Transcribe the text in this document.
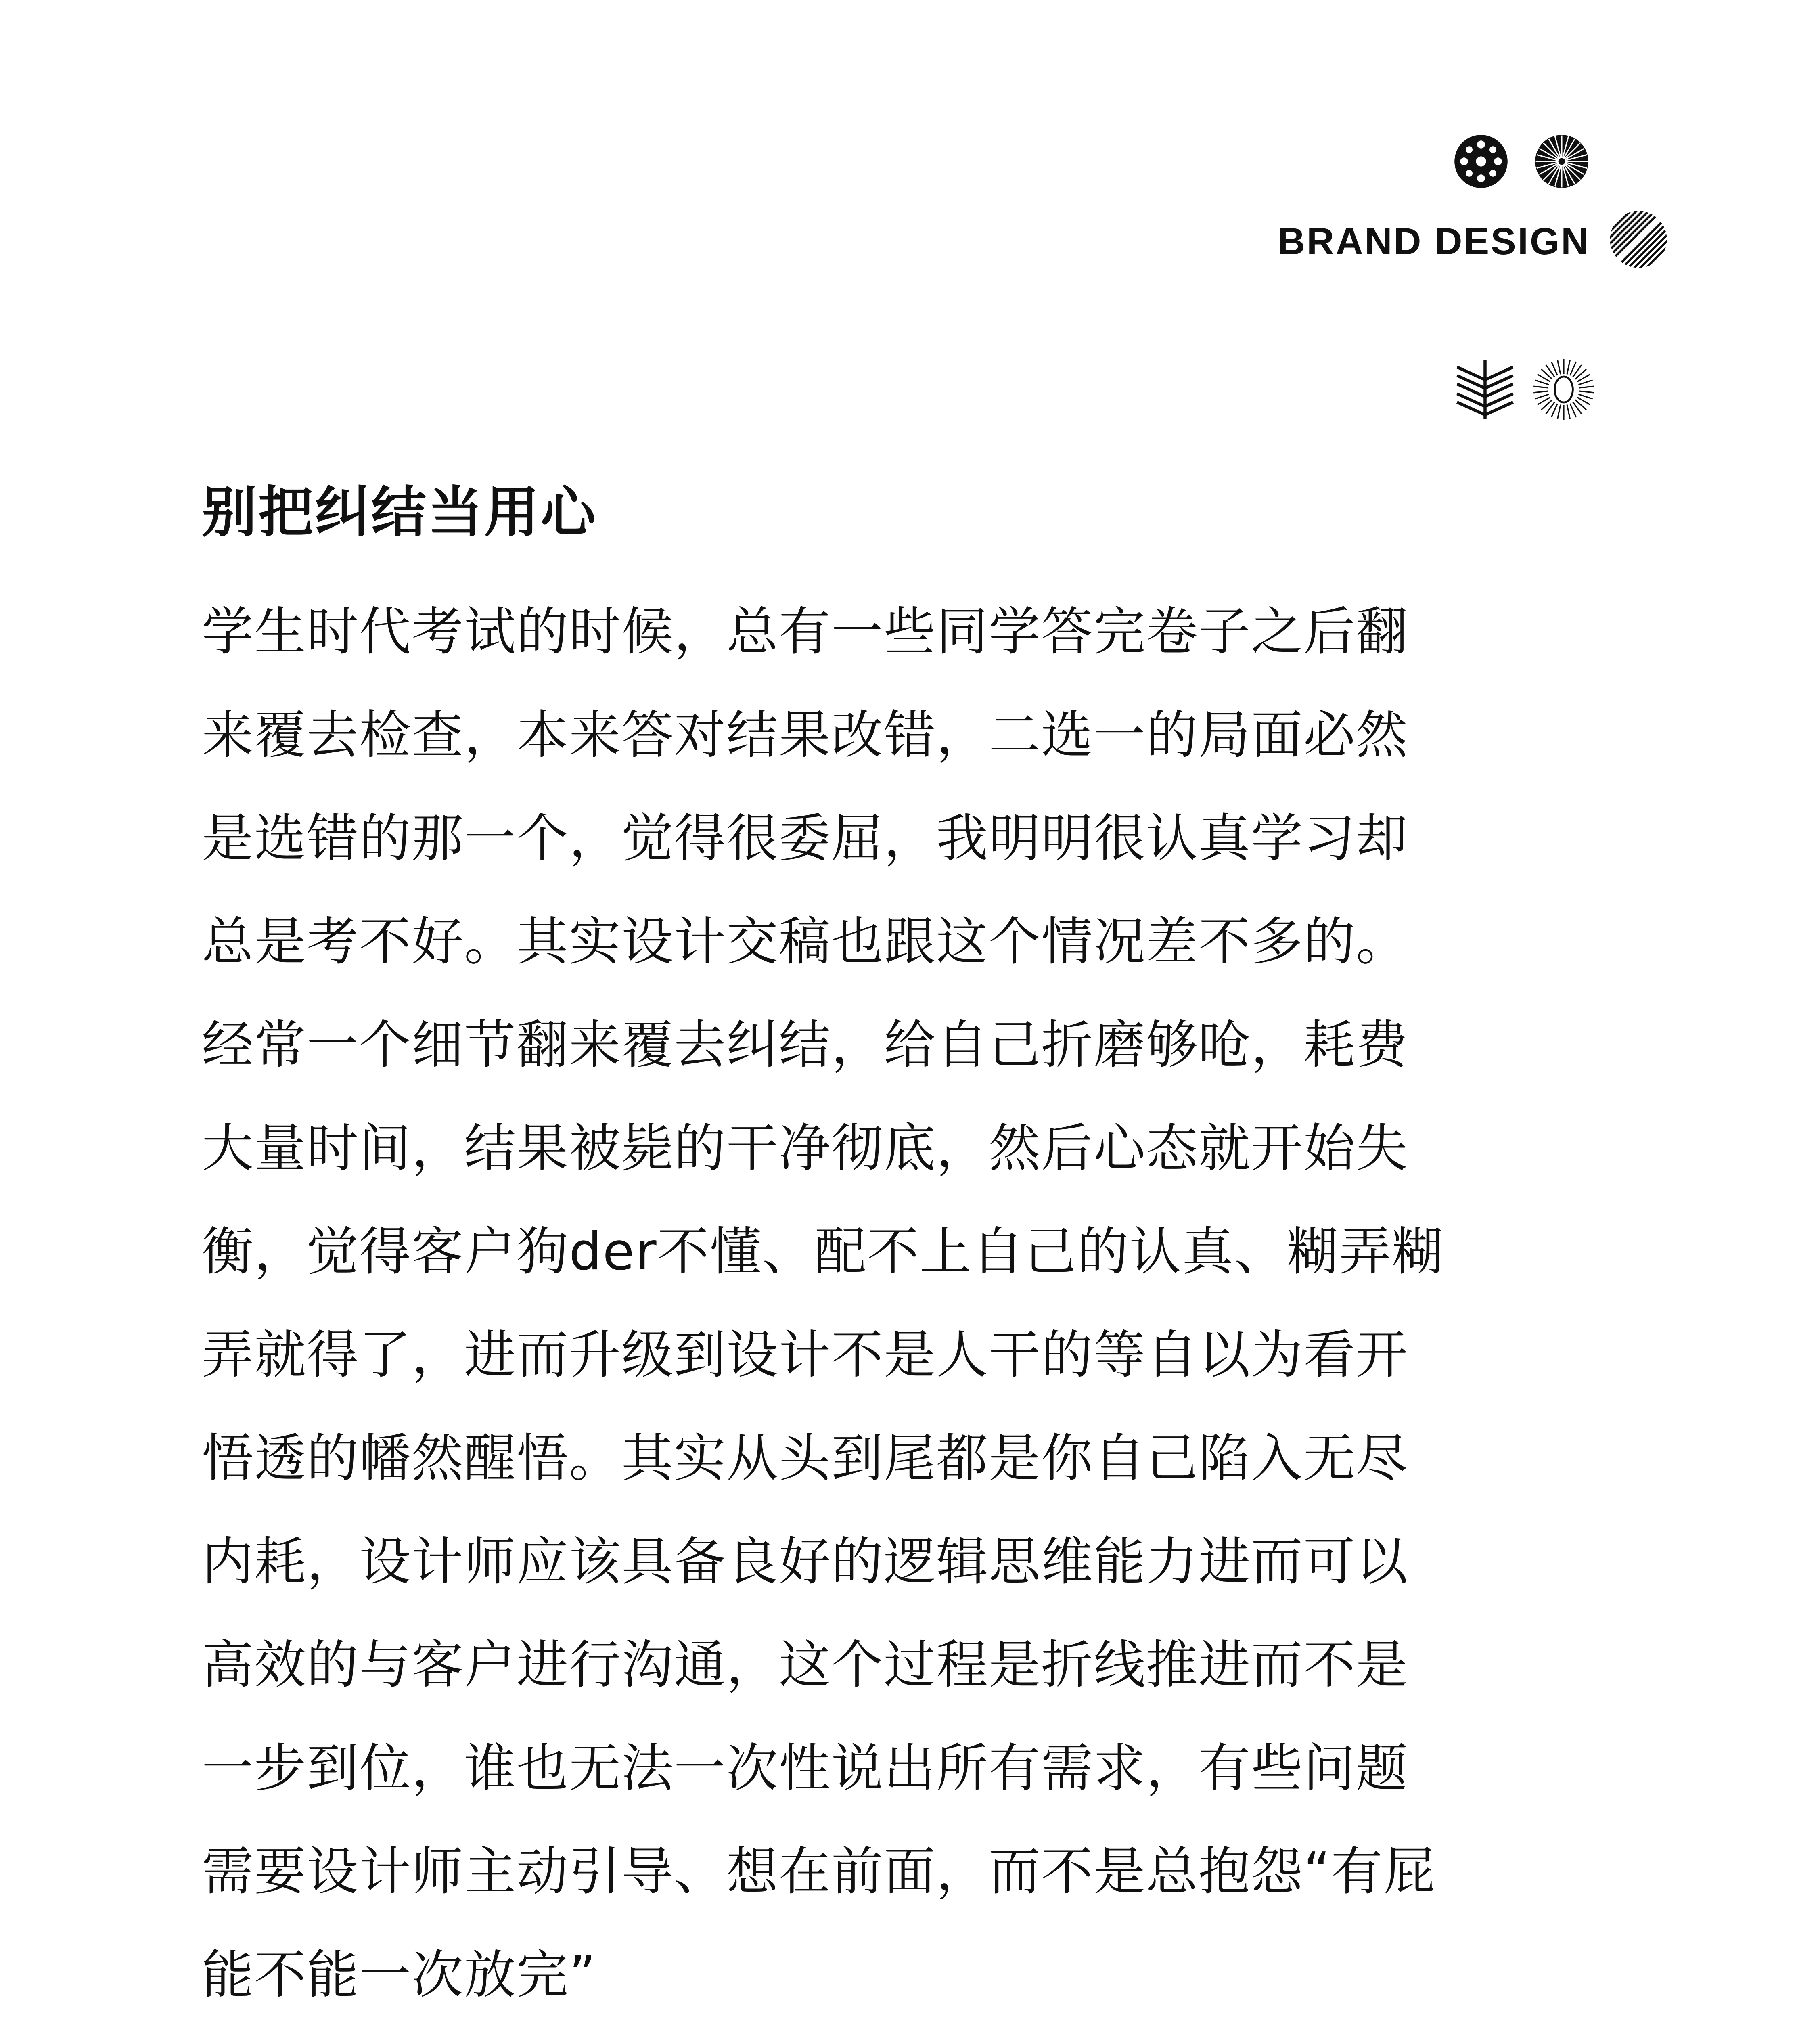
BRAND DESIGN
别把纠结当用心
学生时代考试的时候，总有一些同学答完卷子之后翻
来覆去检查，本来答对结果改错，二选一的局面必然
是选错的那一个，觉得很委屈，我明明很认真学习却
总是考不好。其实设计交稿也跟这个情况差不多的。
经常一个细节翻来覆去纠结，给自己折磨够呛，耗费
大量时间，结果被毙的干净彻底，然后心态就开始失
衡，觉得客户狗der不懂、配不上自己的认真、糊弄糊
弄就得了，进而升级到设计不是人干的等自以为看开
悟透的幡然醒悟。其实从头到尾都是你自己陷入无尽
内耗，设计师应该具备良好的逻辑思维能力进而可以
高效的与客户进行沟通，这个过程是折线推进而不是
一步到位，谁也无法一次性说出所有需求，有些问题
需要设计师主动引导、想在前面，而不是总抱怨“有屁
能不能一次放完”
